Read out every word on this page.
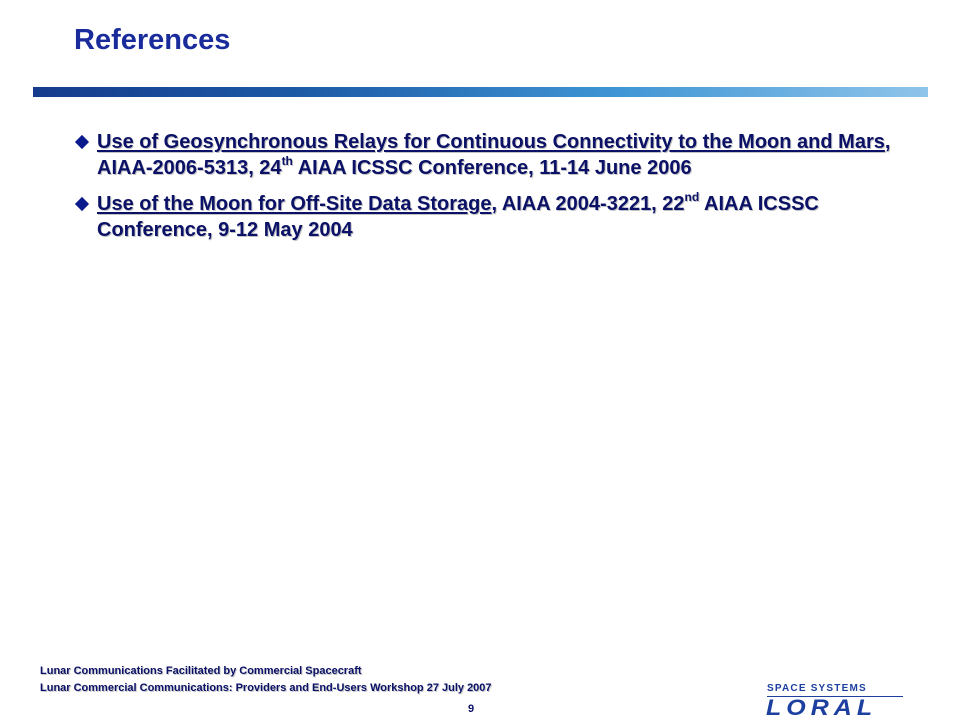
References
Use of Geosynchronous Relays for Continuous Connectivity to the Moon and Mars, AIAA-2006-5313, 24th AIAA ICSSC Conference, 11-14 June 2006
Use of the Moon for Off-Site Data Storage, AIAA 2004-3221, 22nd AIAA ICSSC Conference, 9-12 May 2004
Lunar Communications Facilitated by Commercial Spacecraft
Lunar Commercial Communications: Providers and End-Users Workshop 27 July 2007
9
SPACE SYSTEMS
LORAL
